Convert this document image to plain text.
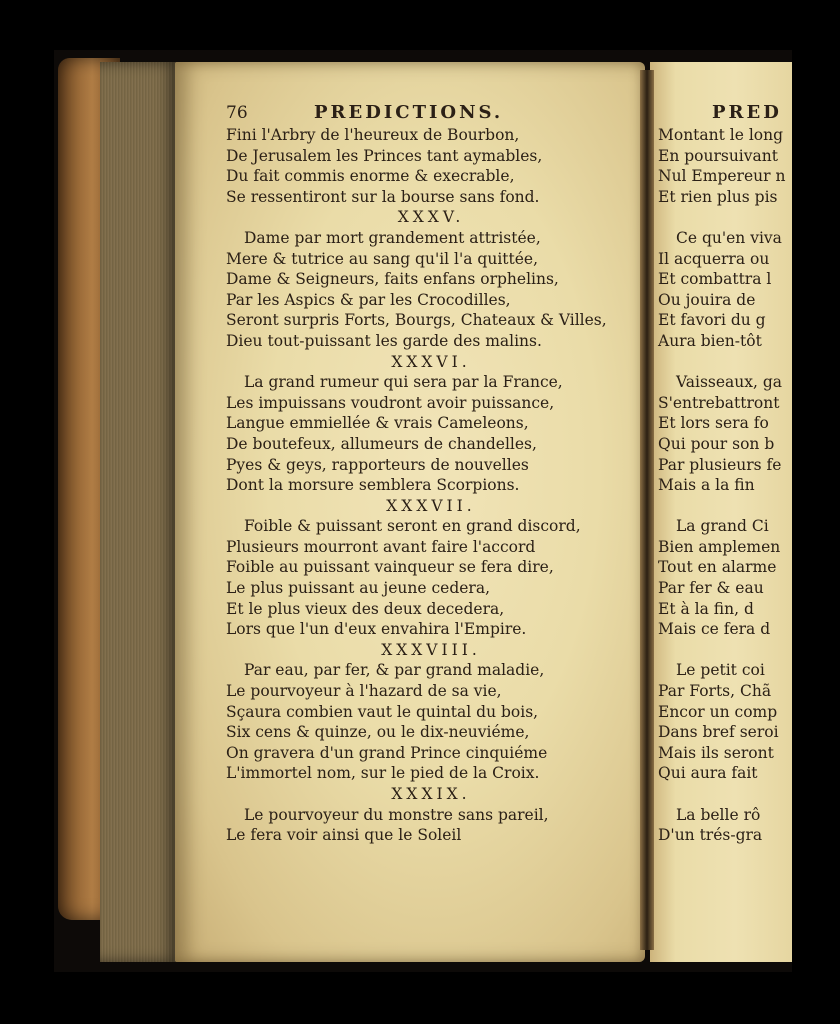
76	PREDICTIONS.
Fini l'Arbry de l'heureux de Bourbon,
De Jerusalem les Princes tant aymables,
Du fait commis enorme & execrable,
Se ressentiront sur la bourse sans fond.
XXXV.
Dame par mort grandement attristée,
Mere & tutrice au sang qu'il l'a quittée,
Dame & Seigneurs, faits enfans orphelins,
Par les Aspics & par les Crocodilles,
Seront surpris Forts, Bourgs, Chateaux & Villes,
Dieu tout-puissant les garde des malins.
XXXVI.
La grand rumeur qui sera par la France,
Les impuissans voudront avoir puissance,
Langue emmiellée & vrais Cameleons,
De boutefeux, allumeurs de chandelles,
Pyes & geys, rapporteurs de nouvelles
Dont la morsure semblera Scorpions.
XXXVII.
Foible & puissant seront en grand discord,
Plusieurs mourront avant faire l'accord
Foible au puissant vainqueur se fera dire,
Le plus puissant au jeune cedera,
Et le plus vieux des deux decedera,
Lors que l'un d'eux envahira l'Empire.
XXXVIII.
Par eau, par fer, & par grand maladie,
Le pourvoyeur à l'hazard de sa vie,
Sçaura combien vaut le quintal du bois,
Six cens & quinze, ou le dix-neuviéme,
On gravera d'un grand Prince cinquiéme
L'immortel nom, sur le pied de la Croix.
XXXIX.
Le pourvoyeur du monstre sans pareil,
Le fera voir ainsi que le Soleil
PRED
Montant le long
En poursuivant
Nul Empereur n
Et rien plus pis
Ce qu'en viva
Il acquerra ou
Et combattra l
Ou jouira de
Et favori du g
Aura bien-tôt
Vaisseaux, ga
S'entrebattront
Et lors sera fo
Qui pour son b
Par plusieurs fe
Mais a la fin
La grand Ci
Bien amplemen
Tout en alarme
Par fer & eau
Et à la fin, d
Mais ce fera d
Le petit coi
Par Forts, Chã
Encor un comp
Dans bref seroi
Mais ils seront
Qui aura fait
La belle rô
D'un trés-gra
